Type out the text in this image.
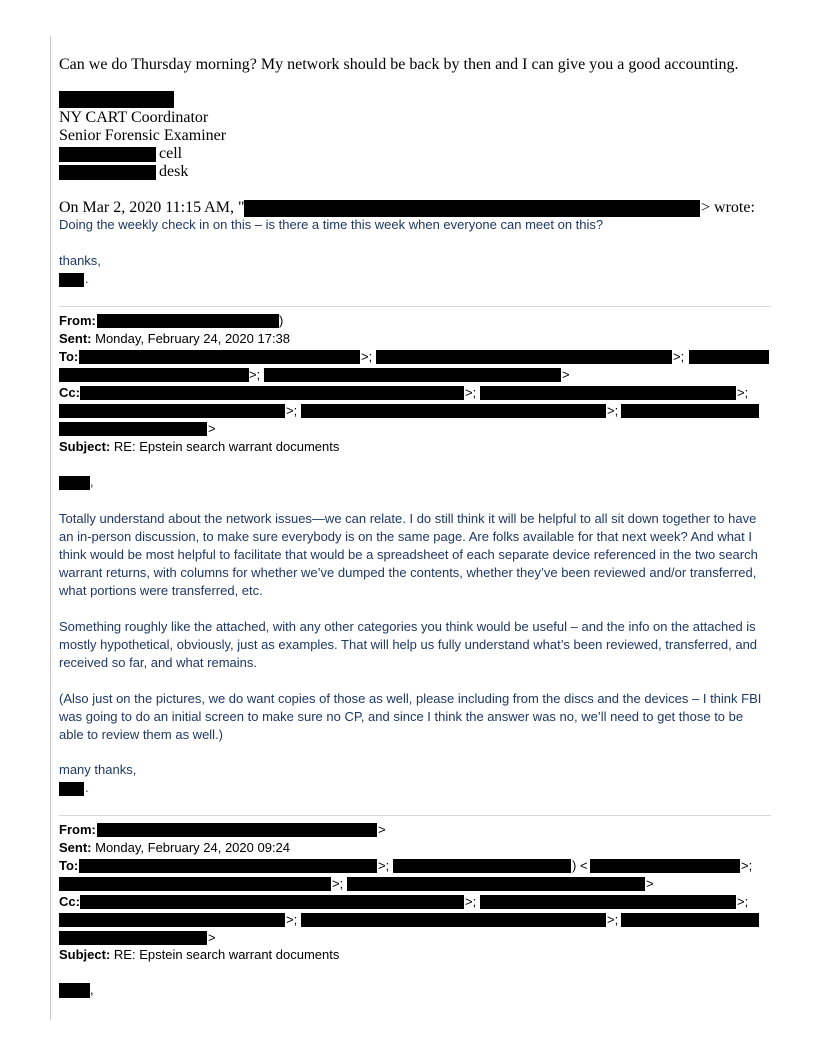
Can we do Thursday morning? My network should be back by then and I can give you a good accounting.
NY CART Coordinator
Senior Forensic Examiner
cell
desk
On Mar 2, 2020 11:15 AM, "	> wrote:
Doing the weekly check in on this – is there a time this week when everyone can meet on this?
thanks,
.
From:	)
Sent: Monday, February 24, 2020 17:38
To:	>;	>;
>;	>
Cc:	>;	>;
>;	>;
>
Subject: RE: Epstein search warrant documents
,
Totally understand about the network issues—we can relate. I do still think it will be helpful to all sit down together to have an in-person discussion, to make sure everybody is on the same page. Are folks available for that next week? And what I think would be most helpful to facilitate that would be a spreadsheet of each separate device referenced in the two search warrant returns, with columns for whether we’ve dumped the contents, whether they’ve been reviewed and/or transferred, what portions were transferred, etc.
Something roughly like the attached, with any other categories you think would be useful – and the info on the attached is mostly hypothetical, obviously, just as examples. That will help us fully understand what’s been reviewed, transferred, and received so far, and what remains.
(Also just on the pictures, we do want copies of those as well, please including from the discs and the devices – I think FBI was going to do an initial screen to make sure no CP, and since I think the answer was no, we’ll need to get those to be able to review them as well.)
many thanks,
.
From:	>
Sent: Monday, February 24, 2020 09:24
To:	>;	) <	>;
>;	>
Cc:	>;	>;
>;	>;
>
Subject: RE: Epstein search warrant documents
,
